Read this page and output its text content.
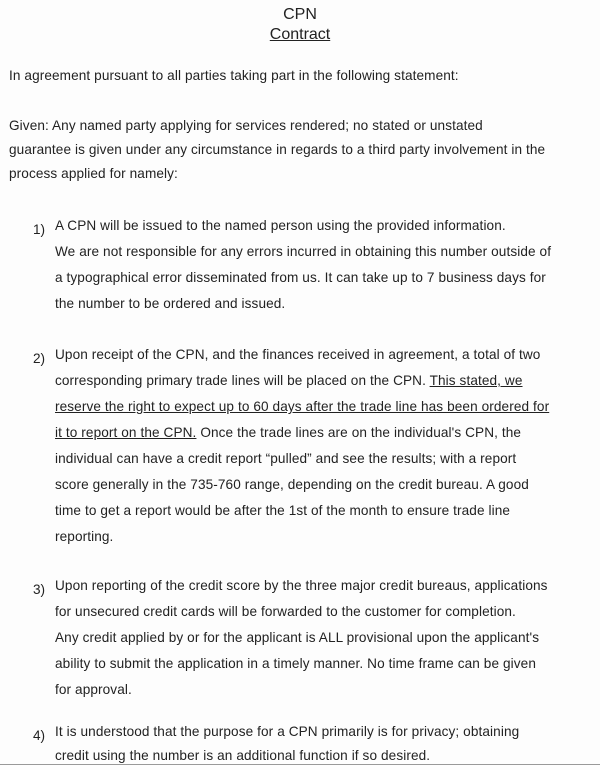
CPN
Contract
In agreement pursuant to all parties taking part in the following statement:
Given: Any named party applying for services rendered; no stated or unstated
guarantee is given under any circumstance in regards to a third party involvement in the
process applied for namely:
1) A CPN will be issued to the named person using the provided information.
We are not responsible for any errors incurred in obtaining this number outside of
a typographical error disseminated from us. It can take up to 7 business days for
the number to be ordered and issued.
2) Upon receipt of the CPN, and the finances received in agreement, a total of two
corresponding primary trade lines will be placed on the CPN. This stated, we
reserve the right to expect up to 60 days after the trade line has been ordered for
it to report on the CPN. Once the trade lines are on the individual's CPN, the
individual can have a credit report “pulled” and see the results; with a report
score generally in the 735-760 range, depending on the credit bureau. A good
time to get a report would be after the 1st of the month to ensure trade line
reporting.
3) Upon reporting of the credit score by the three major credit bureaus, applications
for unsecured credit cards will be forwarded to the customer for completion.
Any credit applied by or for the applicant is ALL provisional upon the applicant's
ability to submit the application in a timely manner. No time frame can be given
for approval.
4) It is understood that the purpose for a CPN primarily is for privacy; obtaining
credit using the number is an additional function if so desired.
